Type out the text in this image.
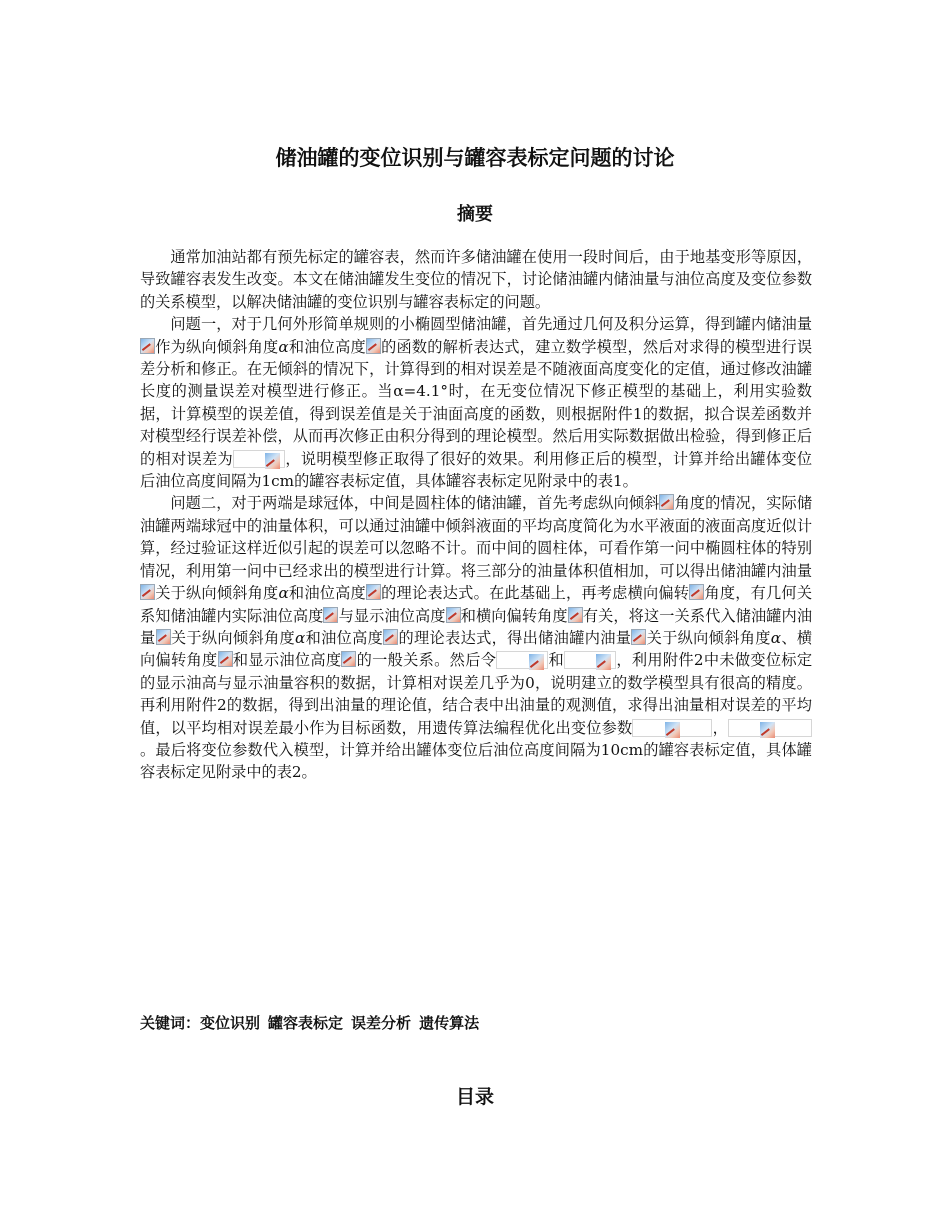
储油罐的变位识别与罐容表标定问题的讨论
摘要

通常加油站都有预先标定的罐容表，然而许多储油罐在使用一段时间后，由于地基变形等原因，导致罐容表发生改变。本文在储油罐发生变位的情况下，讨论储油罐内储油量与油位高度及变位参数的关系模型，以解决储油罐的变位识别与罐容表标定的问题。

问题一，对于几何外形简单规则的小椭圆型储油罐，首先通过几何及积分运算，得到罐内储油量作为纵向倾斜角度α和油位高度 的函数的解析表达式，建立数学模型，然后对求得的模型进行误差分析和修正。在无倾斜的情况下，计算得到的相对误差是不随液面高度变化的定值，通过修改油罐长度的测量误差对模型进行修正。当α=4.1°时，在无变位情况下修正模型的基础上，利用实验数据，计算模型的误差值，得到误差值是关于油面高度的函数，则根据附件1的数据，拟合误差函数并对模型经行误差补偿，从而再次修正由积分得到的理论模型。然后用实际数据做出检验，得到修正后的相对误差为	，说明模型修正取得了很好的效果。利用修正后的模型，计算并给出罐体变位后油位高度间隔为1cm的罐容表标定值，具体罐容表标定见附录中的表1。

问题二，对于两端是球冠体，中间是圆柱体的储油罐，首先考虑纵向倾斜 角度的情况，实际储油罐两端球冠中的油量体积，可以通过油罐中倾斜液面的平均高度简化为水平液面的液面高度近似计算，经过验证这样近似引起的误差可以忽略不计。而中间的圆柱体，可看作第一问中椭圆柱体的特别情况，利用第一问中已经求出的模型进行计算。将三部分的油量体积值相加，可以得出储油罐内油量关于纵向倾斜角度α和油位高度 的理论表达式。在此基础上，再考虑横向偏转 角度，有几何关系知储油罐内实际油位高度 与显示油位高度 和横向偏转角度 有关，将这一关系代入储油罐内油量 关于纵向倾斜角度α和油位高度 的理论表达式，得出储油罐内油量 关于纵向倾斜角度α、横向偏转角度 和显示油位高度 的一般关系。然后令	和	，利用附件2中未做变位标定的显示油高与显示油量容积的数据，计算相对误差几乎为0，说明建立的数学模型具有很高的精度。再利用附件2的数据，得到出油量的理论值，结合表中出油量的观测值，求得出油量相对误差的平均值，以平均相对误差最小作为目标函数，用遗传算法编程优化出变位参数	，。最后将变位参数代入模型，计算并给出罐体变位后油位高度间隔为10cm的罐容表标定值，具体罐容表标定见附录中的表2。

关键词：变位识别 罐容表标定 误差分析 遗传算法
目录
